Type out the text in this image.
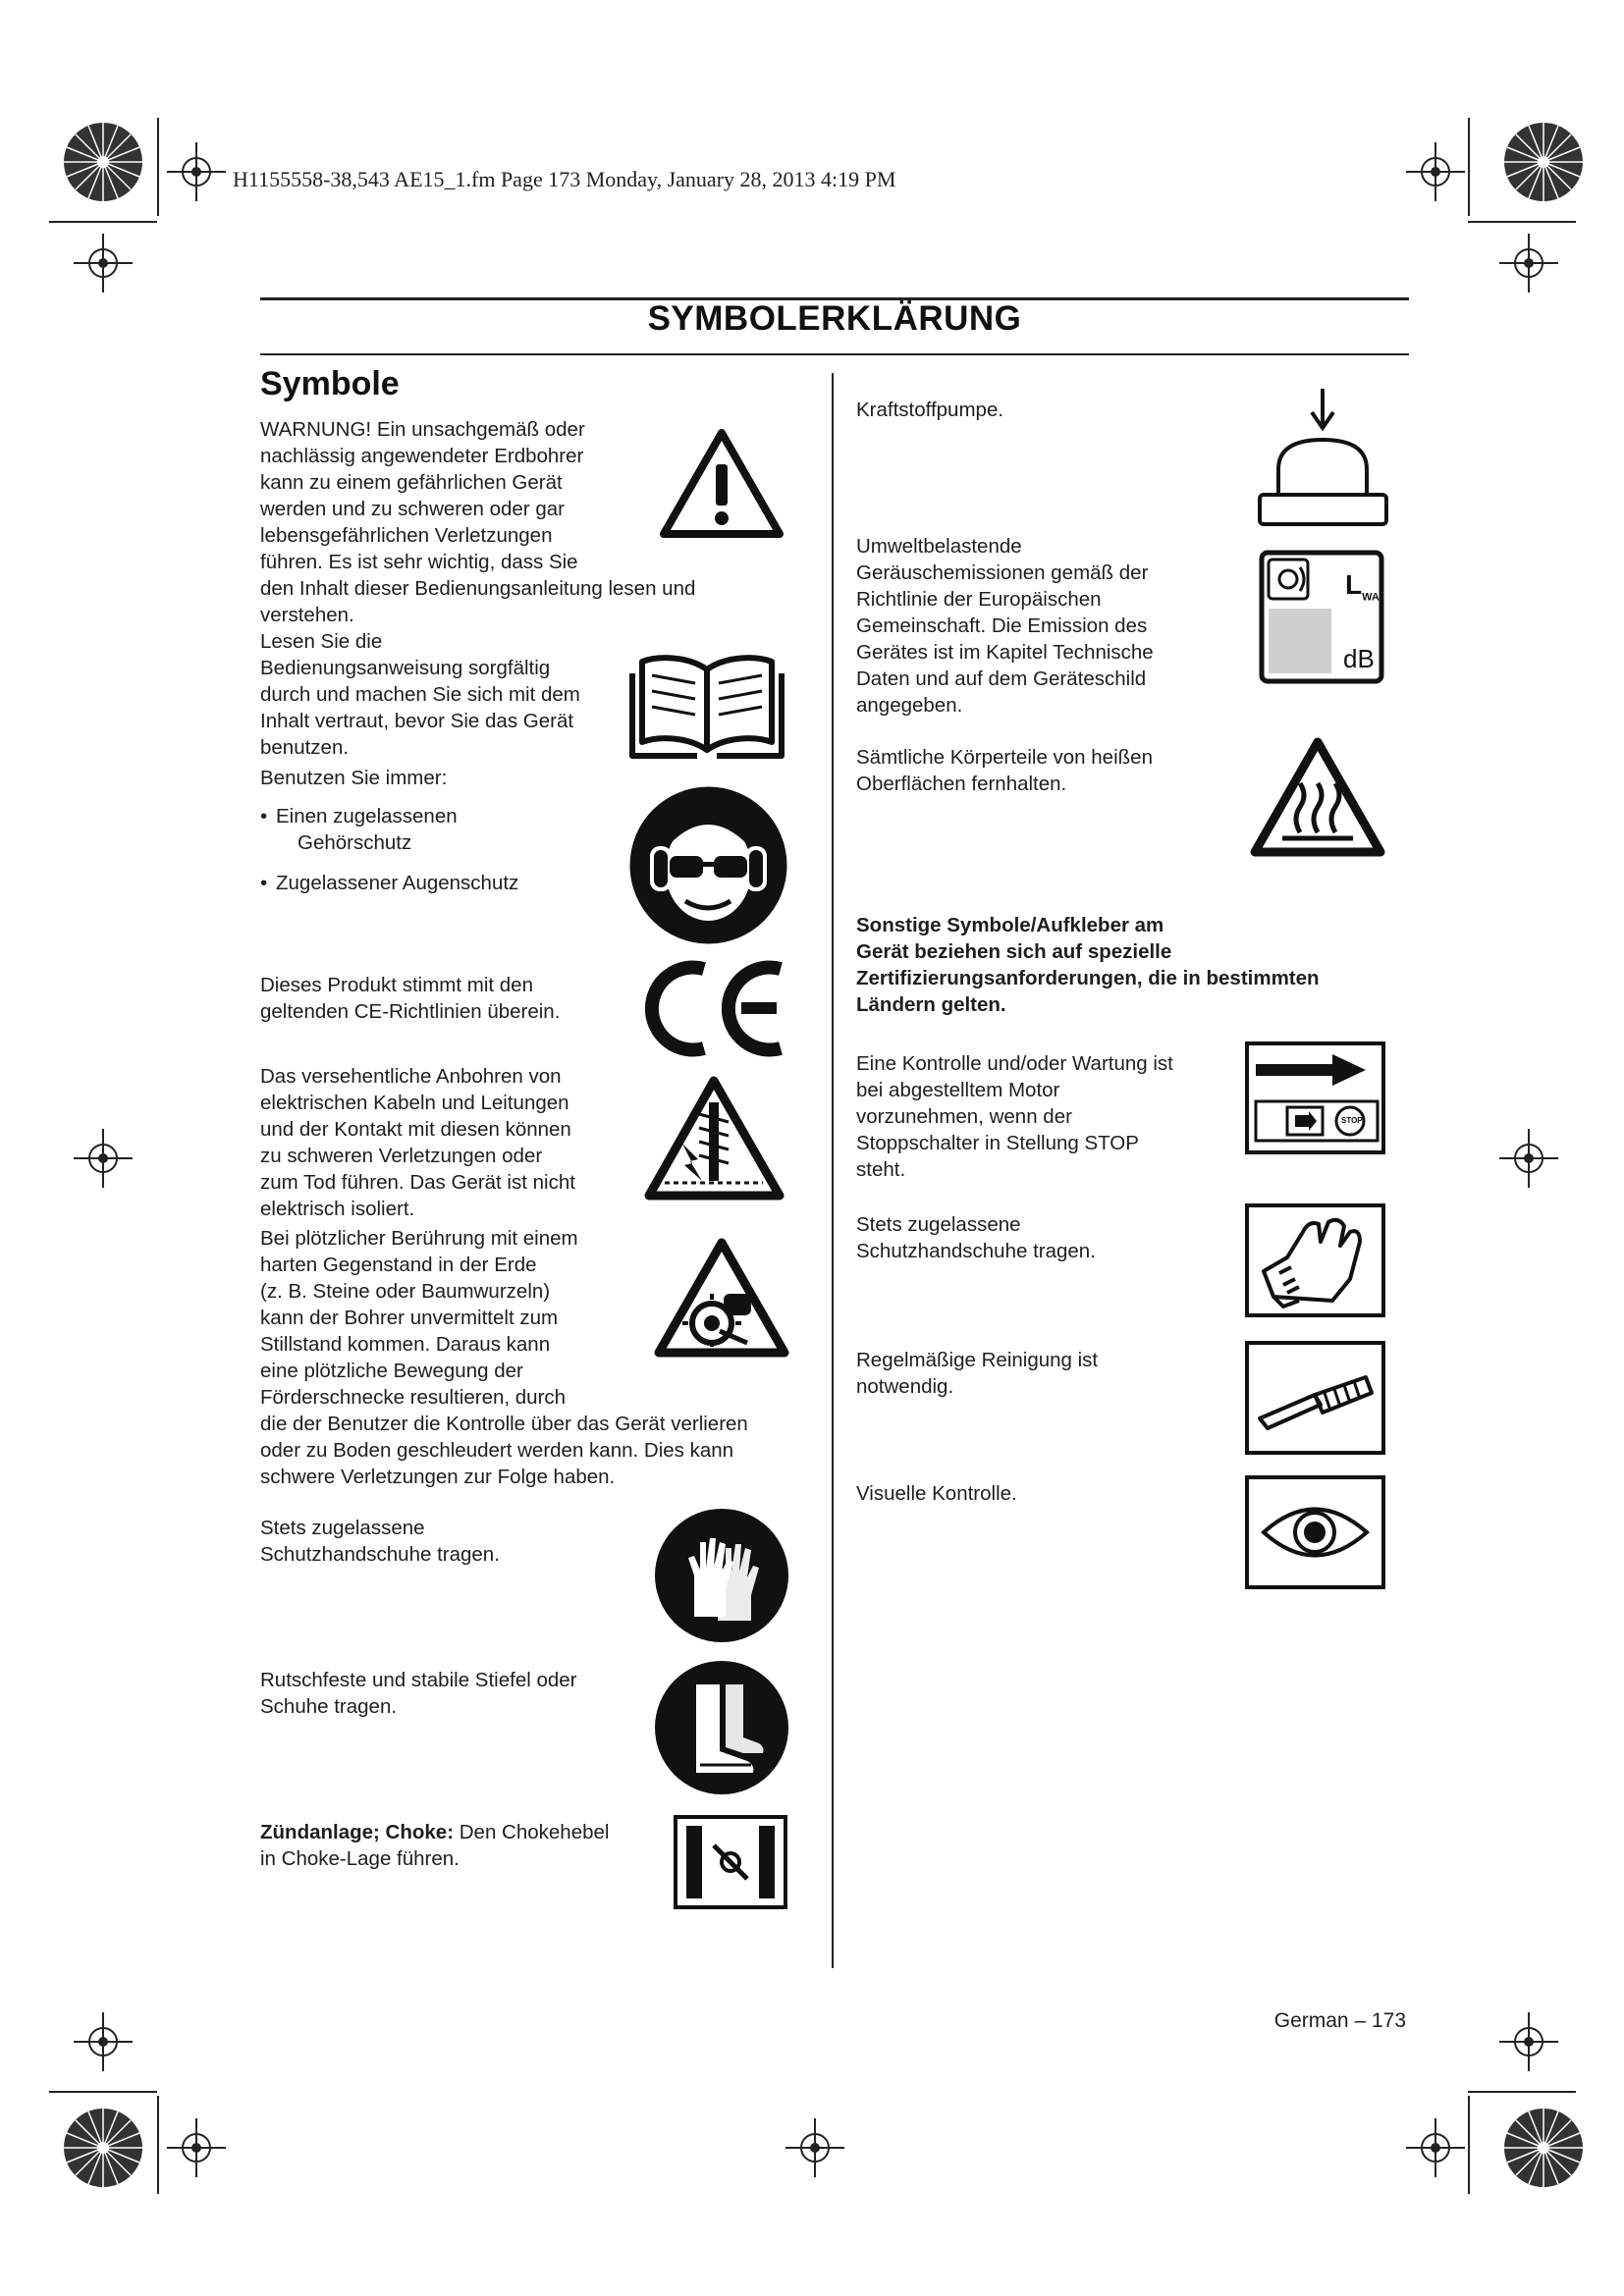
H1155558-38,543 AE15_1.fm Page 173 Monday, January 28, 2013 4:19 PM
SYMBOLERKLÄRUNG
Symbole

WARNUNG! Ein unsachgemäß oder

nachlässig angewendeter Erdbohrer

kann zu einem gefährlichen Gerät

werden und zu schweren oder gar

lebensgefährlichen Verletzungen

führen. Es ist sehr wichtig, dass Sie

den Inhalt dieser Bedienungsanleitung lesen und verstehen.

Lesen Sie die

Bedienungsanweisung sorgfältig

durch und machen Sie sich mit dem

Inhalt vertraut, bevor Sie das Gerät

benutzen.

Benutzen Sie immer:

• Einen zugelassenen

Gehörschutz

• Zugelassener Augenschutz

Dieses Produkt stimmt mit den

geltenden CE-Richtlinien überein.

Das versehentliche Anbohren von

elektrischen Kabeln und Leitungen

und der Kontakt mit diesen können

zu schweren Verletzungen oder

zum Tod führen. Das Gerät ist nicht

elektrisch isoliert.

Bei plötzlicher Berührung mit einem

harten Gegenstand in der Erde

(z. B. Steine oder Baumwurzeln)

kann der Bohrer unvermittelt zum

Stillstand kommen. Daraus kann

eine plötzliche Bewegung der

Förderschnecke resultieren, durch

die der Benutzer die Kontrolle über das Gerät verlieren

oder zu Boden geschleudert werden kann. Dies kann

schwere Verletzungen zur Folge haben.

Stets zugelassene

Schutzhandschuhe tragen.

Rutschfeste und stabile Stiefel oder

Schuhe tragen.

Zündanlage; Choke: Den Chokehebel

in Choke-Lage führen.

Kraftstoffpumpe.

Umweltbelastende

Geräuschemissionen gemäß der

Richtlinie der Europäischen

Gemeinschaft. Die Emission des

Gerätes ist im Kapitel Technische

Daten und auf dem Geräteschild

angegeben.

$L_{WA}$
dB

Sämtliche Körperteile von heißen

Oberflächen fernhalten.

Sonstige Symbole/Aufkleber am

Gerät beziehen sich auf spezielle

Zertifizierungsanforderungen, die in bestimmten

Ländern gelten.

Eine Kontrolle und/oder Wartung ist

bei abgestelltem Motor

vorzunehmen, wenn der

Stoppschalter in Stellung STOP

steht.

STOP

Stets zugelassene

Schutzhandschuhe tragen.

Regelmäßige Reinigung ist

notwendig.

Visuelle Kontrolle.
German – 173
